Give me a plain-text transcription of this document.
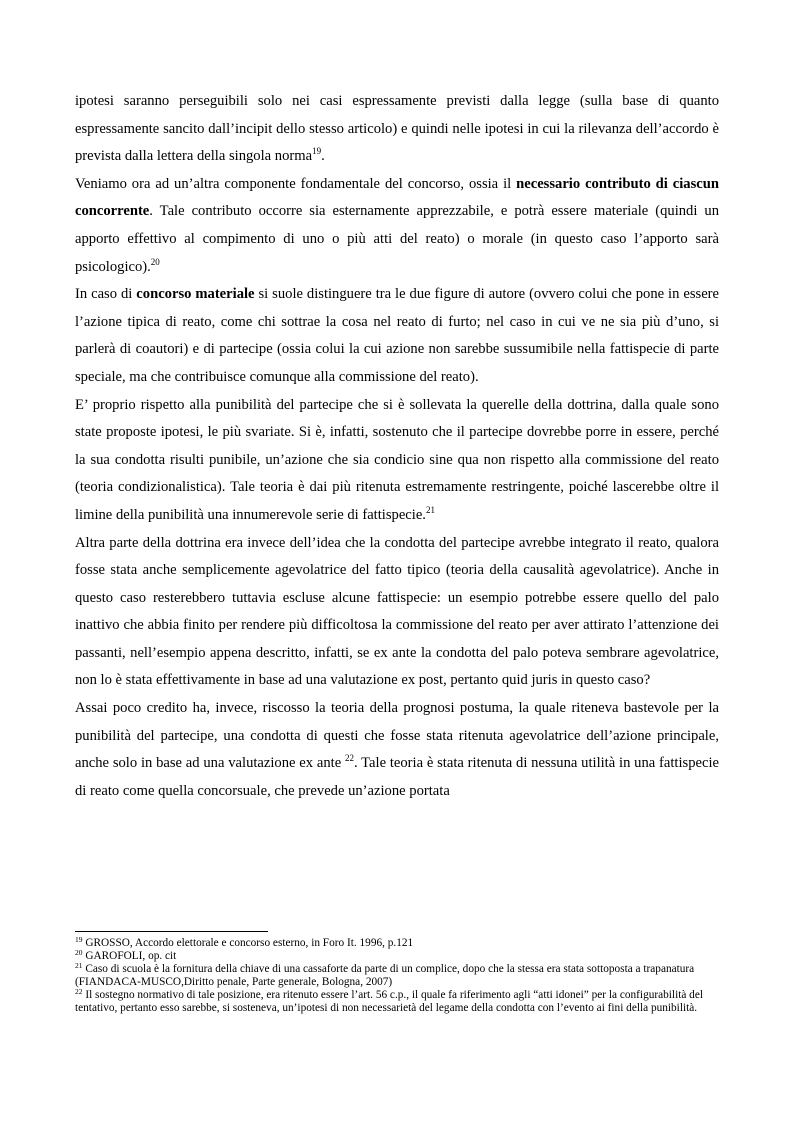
ipotesi saranno perseguibili solo nei casi espressamente previsti dalla legge (sulla base di quanto espressamente sancito dall’incipit dello stesso articolo) e quindi nelle ipotesi in cui la rilevanza dell’accordo è prevista dalla lettera della singola norma$^{19}$.

Veniamo ora ad un’altra componente fondamentale del concorso, ossia il necessario contributo di ciascun concorrente. Tale contributo occorre sia esternamente apprezzabile, e potrà essere materiale (quindi un apporto effettivo al compimento di uno o più atti del reato) o morale (in questo caso l’apporto sarà psicologico).$^{20}$

In caso di concorso materiale si suole distinguere tra le due figure di autore (ovvero colui che pone in essere l’azione tipica di reato, come chi sottrae la cosa nel reato di furto; nel caso in cui ve ne sia più d’uno, si parlerà di coautori) e di partecipe (ossia colui la cui azione non sarebbe sussumibile nella fattispecie di parte speciale, ma che contribuisce comunque alla commissione del reato).

E’ proprio rispetto alla punibilità del partecipe che si è sollevata la querelle della dottrina, dalla quale sono state proposte ipotesi, le più svariate. Si è, infatti, sostenuto che il partecipe dovrebbe porre in essere, perché la sua condotta risulti punibile, un’azione che sia condicio sine qua non rispetto alla commissione del reato (teoria condizionalistica). Tale teoria è dai più ritenuta estremamente restringente, poiché lascerebbe oltre il limine della punibilità una innumerevole serie di fattispecie.$^{21}$

Altra parte della dottrina era invece dell’idea che la condotta del partecipe avrebbe integrato il reato, qualora fosse stata anche semplicemente agevolatrice del fatto tipico (teoria della causalità agevolatrice). Anche in questo caso resterebbero tuttavia escluse alcune fattispecie: un esempio potrebbe essere quello del palo inattivo che abbia finito per rendere più difficoltosa la commissione del reato per aver attirato l’attenzione dei passanti, nell’esempio appena descritto, infatti, se ex ante la condotta del palo poteva sembrare agevolatrice, non lo è stata effettivamente in base ad una valutazione ex post, pertanto quid juris in questo caso?

Assai poco credito ha, invece, riscosso la teoria della prognosi postuma, la quale riteneva bastevole per la punibilità del partecipe, una condotta di questi che fosse stata ritenuta agevolatrice dell’azione principale, anche solo in base ad una valutazione ex ante $^{22}$. Tale teoria è stata ritenuta di nessuna utilità in una fattispecie di reato come quella concorsuale, che prevede un’azione portata

$^{19}$ GROSSO, Accordo elettorale e concorso esterno, in Foro It. 1996, p.121

$^{20}$ GAROFOLI, op. cit

$^{21}$ Caso di scuola è la fornitura della chiave di una cassaforte da parte di un complice, dopo che la stessa era stata sottoposta a trapanatura (FIANDACA-MUSCO,Diritto penale, Parte generale, Bologna, 2007)

$^{22}$ Il sostegno normativo di tale posizione, era ritenuto essere l’art. 56 c.p., il quale fa riferimento agli “atti idonei” per la configurabilità del tentativo, pertanto esso sarebbe, si sosteneva, un’ipotesi di non necessarietà del legame della condotta con l’evento ai fini della punibilità.
